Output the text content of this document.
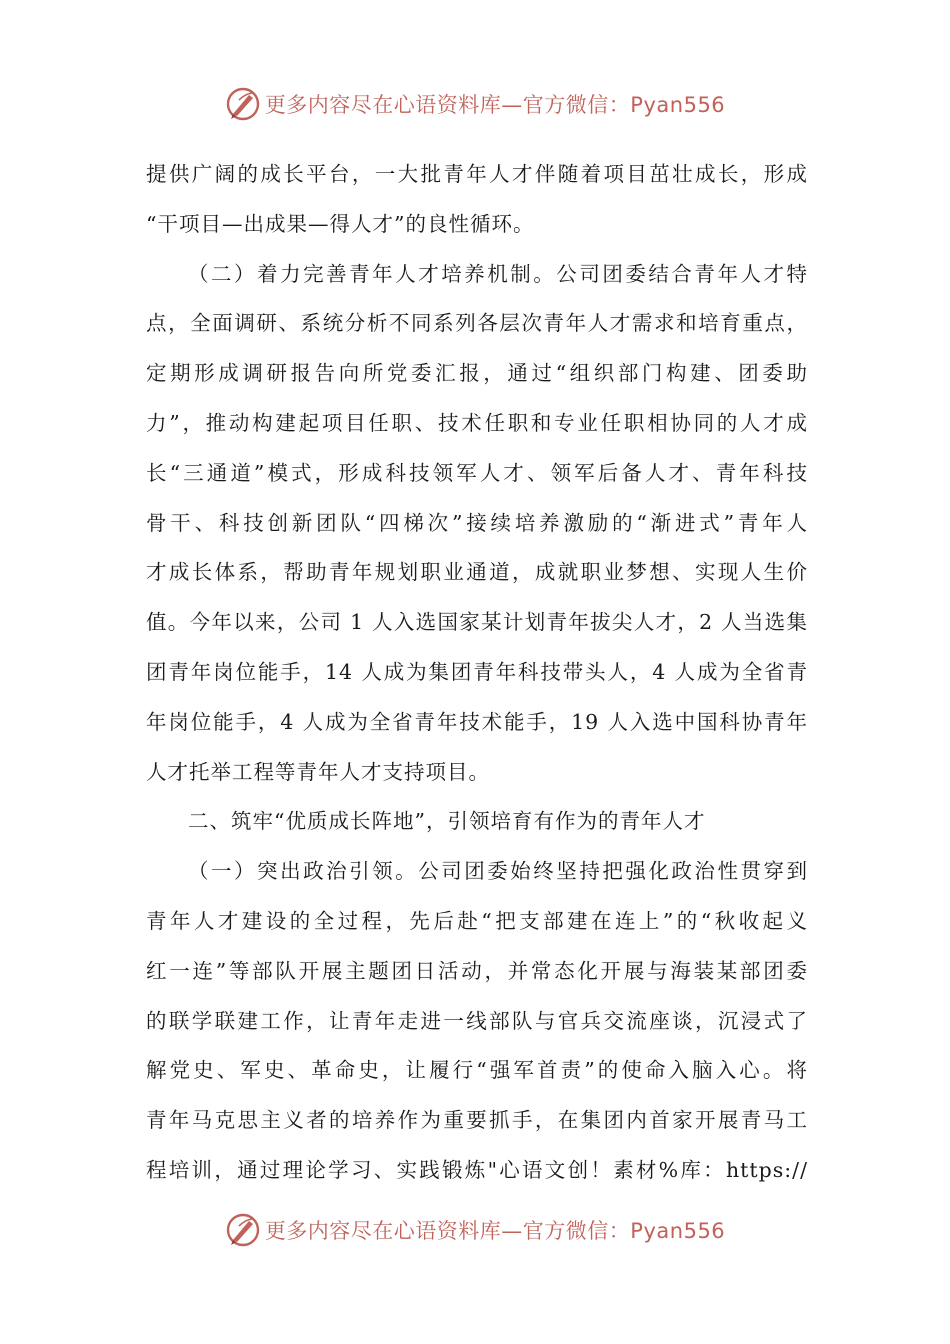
更多内容尽在心语资料库—官方微信：Pyan556
提供广阔的成长平台，一大批青年人才伴随着项目茁壮成长，形成
“干项目—出成果—得人才”的良性循环。
（二）着力完善青年人才培养机制。公司团委结合青年人才特
点，全面调研、系统分析不同系列各层次青年人才需求和培育重点，
定期形成调研报告向所党委汇报，通过“组织部门构建、团委助
力”，推动构建起项目任职、技术任职和专业任职相协同的人才成
长“三通道”模式，形成科技领军人才、领军后备人才、青年科技
骨干、科技创新团队“四梯次”接续培养激励的“渐进式”青年人
才成长体系，帮助青年规划职业通道，成就职业梦想、实现人生价
值。今年以来，公司 1 人入选国家某计划青年拔尖人才，2 人当选集
团青年岗位能手，14 人成为集团青年科技带头人，4 人成为全省青
年岗位能手，4 人成为全省青年技术能手，19 人入选中国科协青年
人才托举工程等青年人才支持项目。
二、筑牢“优质成长阵地”，引领培育有作为的青年人才
（一）突出政治引领。公司团委始终坚持把强化政治性贯穿到
青年人才建设的全过程，先后赴“把支部建在连上”的“秋收起义
红一连”等部队开展主题团日活动，并常态化开展与海装某部团委
的联学联建工作，让青年走进一线部队与官兵交流座谈，沉浸式了
解党史、军史、革命史，让履行“强军首责”的使命入脑入心。将
青年马克思主义者的培养作为重要抓手，在集团内首家开展青马工
程培训，通过理论学习、实践锻炼"心语文创！素材%库：https://
更多内容尽在心语资料库—官方微信：Pyan556
